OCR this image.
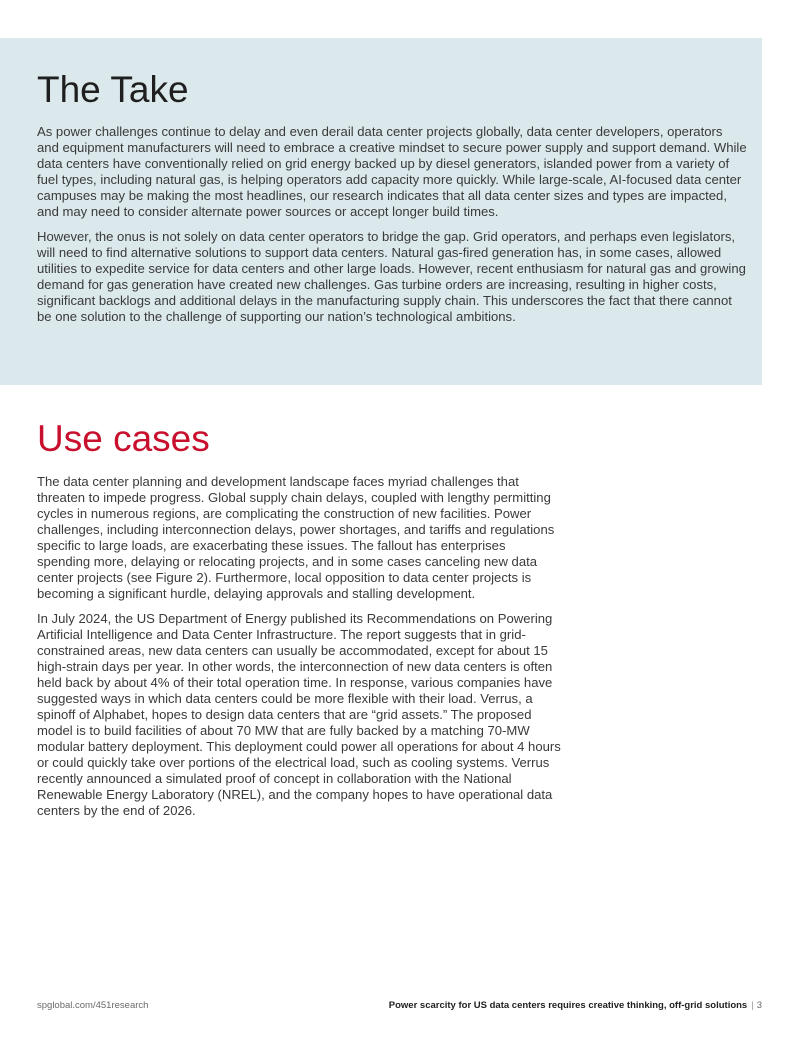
The Take

As power challenges continue to delay and even derail data center projects globally, data center developers, operators and equipment manufacturers will need to embrace a creative mindset to secure power supply and support demand. While data centers have conventionally relied on grid energy backed up by diesel generators, islanded power from a variety of fuel types, including natural gas, is helping operators add capacity more quickly. While large-scale, AI-focused data center campuses may be making the most headlines, our research indicates that all data center sizes and types are impacted, and may need to consider alternate power sources or accept longer build times.

However, the onus is not solely on data center operators to bridge the gap. Grid operators, and perhaps even legislators, will need to find alternative solutions to support data centers. Natural gas-fired generation has, in some cases, allowed utilities to expedite service for data centers and other large loads. However, recent enthusiasm for natural gas and growing demand for gas generation have created new challenges. Gas turbine orders are increasing, resulting in higher costs, significant backlogs and additional delays in the manufacturing supply chain. This underscores the fact that there cannot be one solution to the challenge of supporting our nation’s technological ambitions.

Use cases

The data center planning and development landscape faces myriad challenges that threaten to impede progress. Global supply chain delays, coupled with lengthy permitting cycles in numerous regions, are complicating the construction of new facilities. Power challenges, including interconnection delays, power shortages, and tariffs and regulations specific to large loads, are exacerbating these issues. The fallout has enterprises spending more, delaying or relocating projects, and in some cases canceling new data center projects (see Figure 2). Furthermore, local opposition to data center projects is becoming a significant hurdle, delaying approvals and stalling development.

In July 2024, the US Department of Energy published its Recommendations on Powering Artificial Intelligence and Data Center Infrastructure. The report suggests that in grid-constrained areas, new data centers can usually be accommodated, except for about 15 high-strain days per year. In other words, the interconnection of new data centers is often held back by about 4% of their total operation time. In response, various companies have suggested ways in which data centers could be more flexible with their load. Verrus, a spinoff of Alphabet, hopes to design data centers that are “grid assets.” The proposed model is to build facilities of about 70 MW that are fully backed by a matching 70-MW modular battery deployment. This deployment could power all operations for about 4 hours or could quickly take over portions of the electrical load, such as cooling systems. Verrus recently announced a simulated proof of concept in collaboration with the National Renewable Energy Laboratory (NREL), and the company hopes to have operational data centers by the end of 2026.

spglobal.com/451research	Power scarcity for US data centers requires creative thinking, off-grid solutions | 3
